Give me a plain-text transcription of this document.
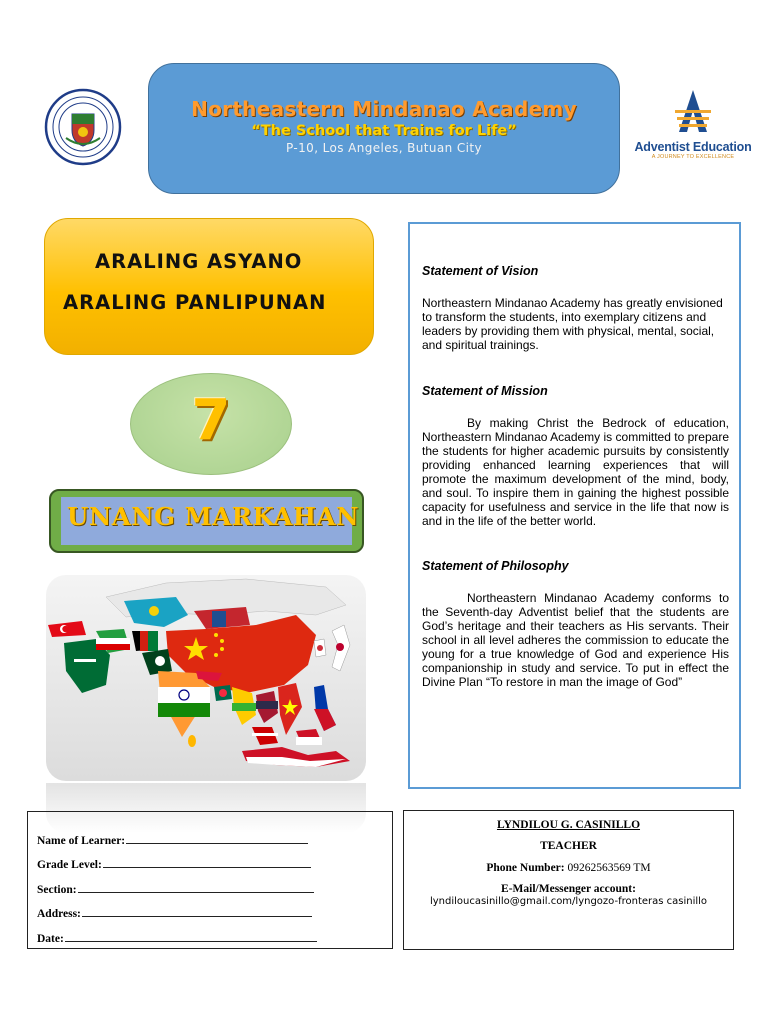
Northeastern Mindanao Academy
“The School that Trains for Life”
P-10, Los Angeles, Butuan City	Adventist Education
A JOURNEY TO EXCELLENCE
ARALING ASYANO
ARALING PANLIPUNAN
7
UNANG MARKAHAN
Statement of Vision
Northeastern Mindanao Academy has greatly envisioned to transform the students, into exemplary citizens and leaders by providing them with physical, mental, social, and spiritual trainings.
Statement of Mission
By making Christ the Bedrock of education, Northeastern Mindanao Academy is committed to prepare the students for higher academic pursuits by consistently providing enhanced learning experiences that will promote the maximum development of the mind, body, and soul. To inspire them in gaining the highest possible capacity for usefulness and service in the life that now is and in the life of the better world.
Statement of Philosophy
Northeastern Mindanao Academy conforms to the Seventh-day Adventist belief that the students are God’s heritage and their teachers as His servants. Their school in all level adheres the commission to educate the young for a true knowledge of God and experience His companionship in study and service. To put in effect the Divine Plan “To restore in man the image of God”
Name of Learner:
Grade Level:
Section:
Address:
Date:
LYNDILOU G. CASINILLO
TEACHER
Phone Number: 09262563569 TM
E-Mail/Messenger account:
lyndiloucasinillo@gmail.com/lyngozo-fronteras casinillo
